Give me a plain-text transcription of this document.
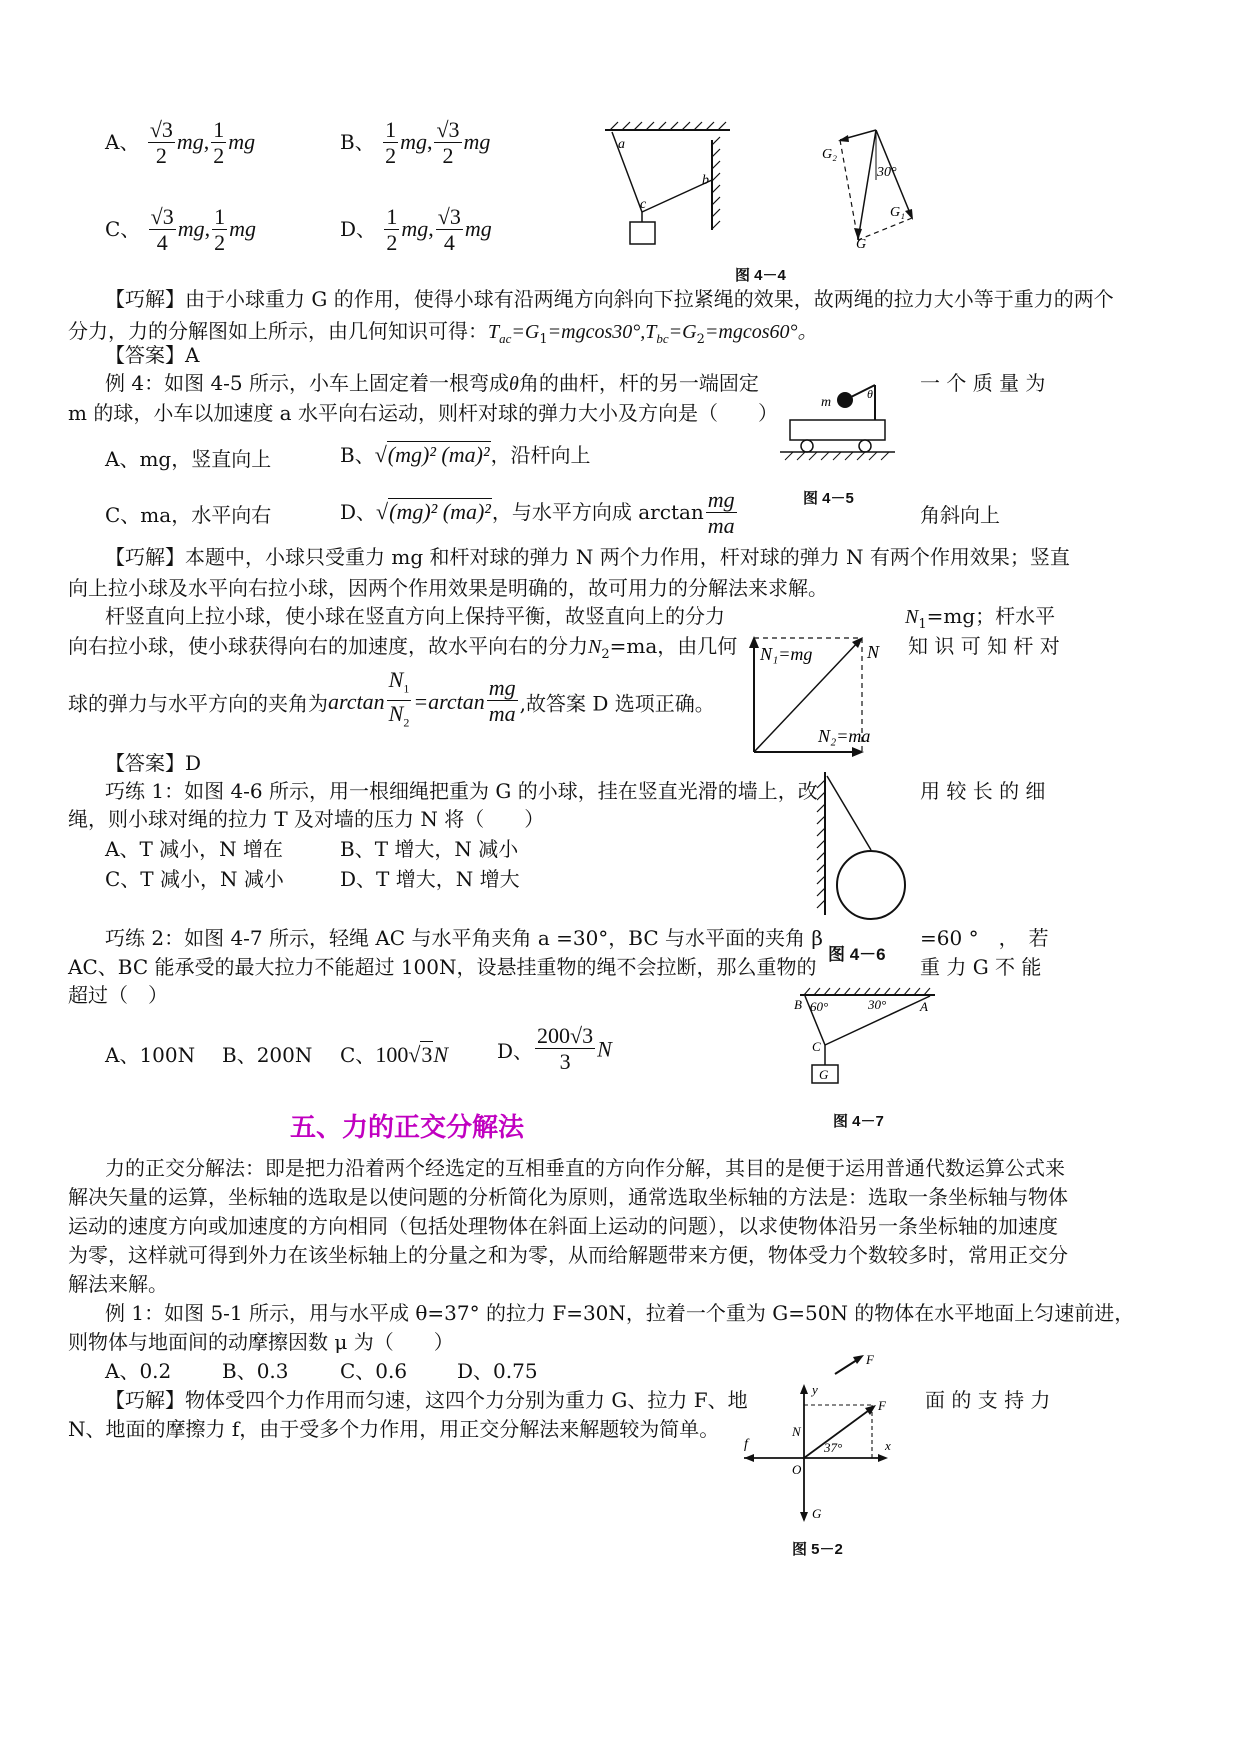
A、 $\frac{√3}{2}$ mg, $\frac{1}{2}$ mg	B、 $\frac{1}{2}$ mg, $\frac{√3}{2}$ mg
C、 $\frac{√3}{4}$ mg, $\frac{1}{2}$ mg	D、 $\frac{1}{2}$ mg, $\frac{√3}{4}$ mg
a
b
c
G₂
30°
G₁
G
图 4－4
【巧解】由于小球重力 G 的作用，使得小球有沿两绳方向斜向下拉紧绳的效果，故两绳的拉力大小等于重力的两个
分力，力的分解图如上所示，由几何知识可得：$T_{ac}=G_1=mgcos30^\circ,T_{bc}=G_2=mgcos60^\circ$。
【答案】A
例 4：如图 4-5 所示，小车上固定着一根弯成θ角的曲杆，杆的另一端固定	一 个 质 量 为
m 的球，小车以加速度 a 水平向右运动，则杆对球的弹力大小及方向是（　　）
A、mg，竖直向上	B、√(mg)² (ma)²，沿杆向上
C、ma，水平向右	D、√(mg)² (ma)²，与水平方向成 $\arctan \frac{mg}{ma}$	角斜向上
m
θ
图 4－5
【巧解】本题中，小球只受重力 mg 和杆对球的弹力 N 两个力作用，杆对球的弹力 N 有两个作用效果；竖直
向上拉小球及水平向右拉小球，因两个作用效果是明确的，故可用力的分解法来求解。
杆竖直向上拉小球，使小球在竖直方向上保持平衡，故竖直向上的分力	$N_1=mg$；杆水平
向右拉小球，使小球获得向右的加速度，故水平向右的分力$N_2=ma$，由几何	知 识 可 知 杆 对
球的弹力与水平方向的夹角为$\arctan \frac{N_1}{N_2} =\arctan \frac{mg}{ma}$ ,故答案 D 选项正确。
N₁=mg	N
N₂=ma
【答案】D
巧练 1：如图 4-6 所示，用一根细绳把重为 G 的小球，挂在竖直光滑的墙上，改	用 较 长 的 细
绳，则小球对绳的拉力 T 及对墙的压力 N 将（　　）
A、T 减小，N 增在	B、T 增大，N 减小
C、T 减小，N 减小	D、T 增大，N 增大
图 4－6
巧练 2：如图 4-7 所示，轻绳 AC 与水平角夹角 a =30°，BC 与水平面的夹角 β	=60 °　，　若
AC、BC 能承受的最大拉力不能超过 100N，设悬挂重物的绳不会拉断，那么重物的	重 力 G 不 能
超过（　）
A、100N B、200N C、100√3N D、 $\frac{200√3}{3}$ N
B 60°	30°	A
C
G
图 4－7
五、力的正交分解法
力的正交分解法：即是把力沿着两个经选定的互相垂直的方向作分解，其目的是便于运用普通代数运算公式来
解决矢量的运算，坐标轴的选取是以使问题的分析简化为原则，通常选取坐标轴的方法是：选取一条坐标轴与物体
运动的速度方向或加速度的方向相同（包括处理物体在斜面上运动的问题），以求使物体沿另一条坐标轴的加速度
为零，这样就可得到外力在该坐标轴上的分量之和为零，从而给解题带来方便，物体受力个数较多时，常用正交分
解法来解。
例 1：如图 5-1 所示，用与水平成 θ=37° 的拉力 F=30N，拉着一个重为 G=50N 的物体在水平地面上匀速前进，
则物体与地面间的动摩擦因数 μ 为（　　）
A、0.2	B、0.3	C、0.6 D、0.75
【巧解】物体受四个力作用而匀速，这四个力分别为重力 G、拉力 F、地	面 的 支 持 力
N、地面的摩擦力 f，由于受多个力作用，用正交分解法来解题较为简单。
F
y
x
f
F
N
O
37°
G
图 5－2
